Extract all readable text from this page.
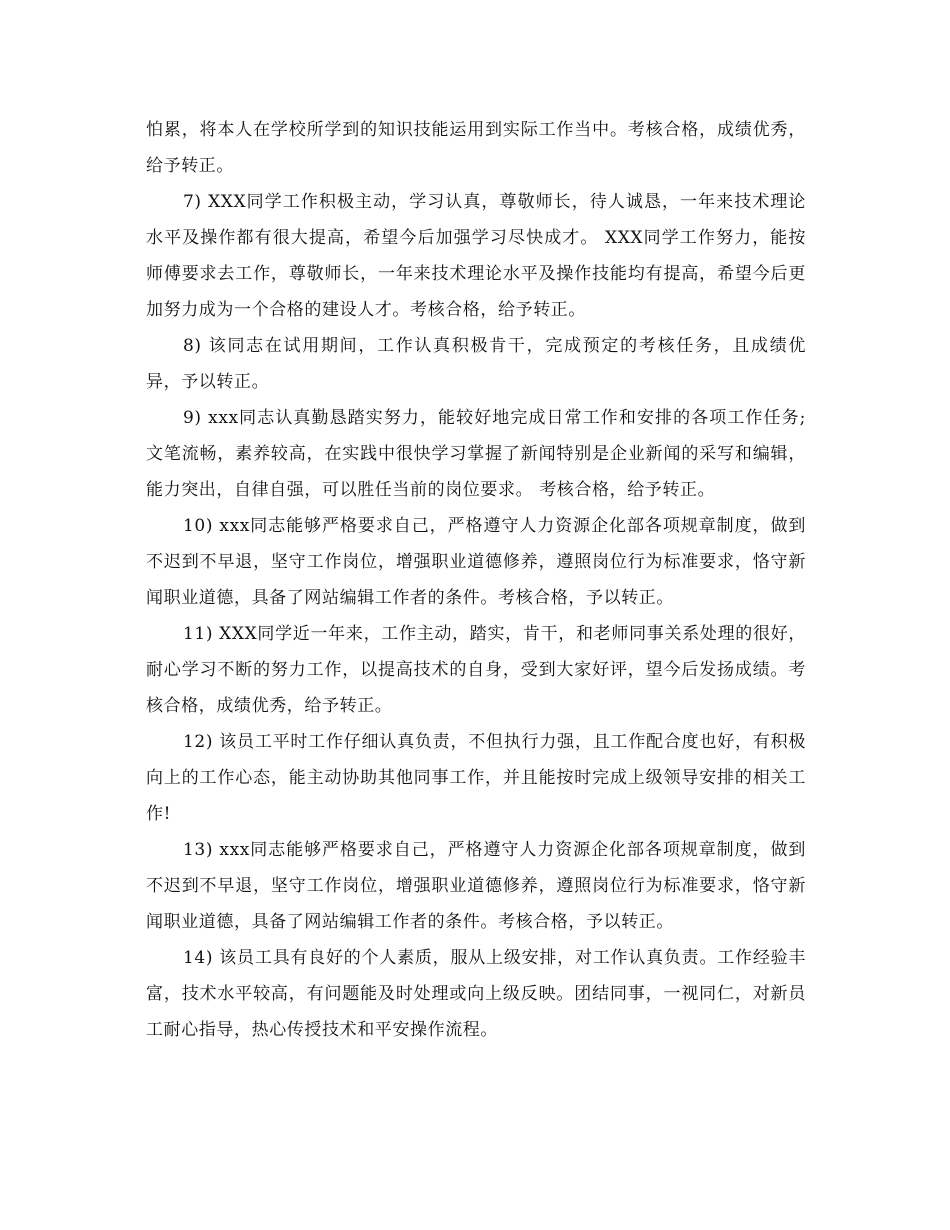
怕累，将本人在学校所学到的知识技能运用到实际工作当中。考核合格，成绩优秀，给予转正。

7) XXX同学工作积极主动，学习认真，尊敬师长，待人诚恳，一年来技术理论水平及操作都有很大提高，希望今后加强学习尽快成才。 XXX同学工作努力，能按师傅要求去工作，尊敬师长，一年来技术理论水平及操作技能均有提高，希望今后更加努力成为一个合格的建设人才。考核合格，给予转正。

8) 该同志在试用期间，工作认真积极肯干，完成预定的考核任务，且成绩优异，予以转正。

9) xxx同志认真勤恳踏实努力，能较好地完成日常工作和安排的各项工作任务;文笔流畅，素养较高，在实践中很快学习掌握了新闻特别是企业新闻的采写和编辑，能力突出，自律自强，可以胜任当前的岗位要求。 考核合格，给予转正。

10) xxx同志能够严格要求自己，严格遵守人力资源企化部各项规章制度，做到不迟到不早退，坚守工作岗位，增强职业道德修养，遵照岗位行为标准要求，恪守新闻职业道德，具备了网站编辑工作者的条件。考核合格，予以转正。

11) XXX同学近一年来，工作主动，踏实，肯干，和老师同事关系处理的很好，耐心学习不断的努力工作，以提高技术的自身，受到大家好评，望今后发扬成绩。考核合格，成绩优秀，给予转正。

12) 该员工平时工作仔细认真负责，不但执行力强，且工作配合度也好，有积极向上的工作心态，能主动协助其他同事工作，并且能按时完成上级领导安排的相关工作!

13) xxx同志能够严格要求自己，严格遵守人力资源企化部各项规章制度，做到不迟到不早退，坚守工作岗位，增强职业道德修养，遵照岗位行为标准要求，恪守新闻职业道德，具备了网站编辑工作者的条件。考核合格，予以转正。

14) 该员工具有良好的个人素质，服从上级安排，对工作认真负责。工作经验丰富，技术水平较高，有问题能及时处理或向上级反映。团结同事，一视同仁，对新员工耐心指导，热心传授技术和平安操作流程。
